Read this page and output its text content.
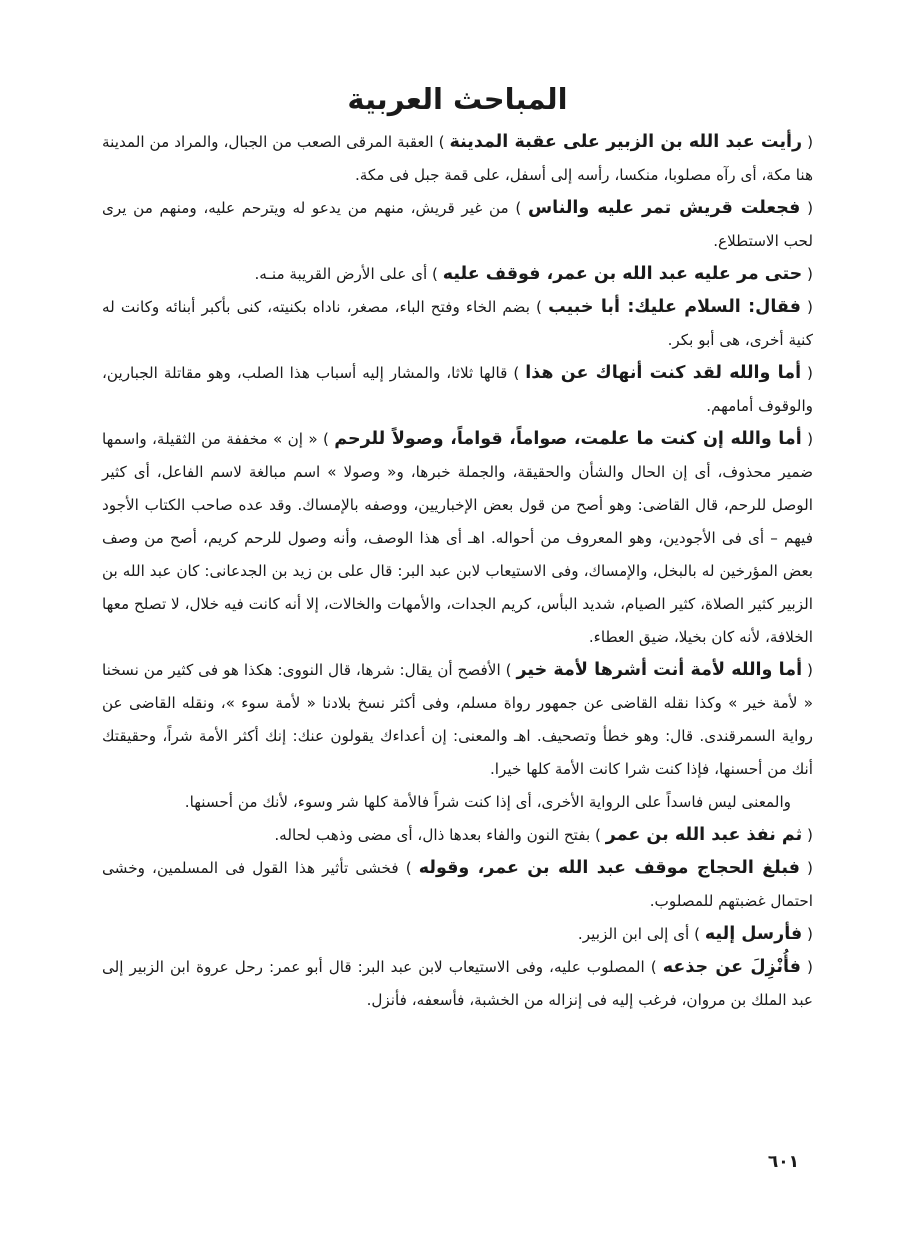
المباحث العربية

( رأيت عبد الله بن الزبير على عقبة المدينة ) العقبة المرقى الصعب من الجبال، والمراد من المدينة هنا مكة، أى رآه مصلوبا، منكسا، رأسه إلى أسفل، على قمة جبل فى مكة.

( فجعلت قريش تمر عليه والناس ) من غير قريش، منهم من يدعو له ويترحم عليه، ومنهم من يرى لحب الاستطلاع.

( حتى مر عليه عبد الله بن عمر، فوقف عليه ) أى على الأرض القريبة منـه.

( فقال: السلام عليك: أبا خبيب ) بضم الخاء وفتح الباء، مصغر، ناداه بكنيته، كنى بأكبر أبنائه وكانت له كنية أخرى، هى أبو بكر.

( أما والله لقد كنت أنهاك عن هذا ) قالها ثلاثا، والمشار إليه أسباب هذا الصلب، وهو مقاتلة الجبارين، والوقوف أمامهم.

( أما والله إن كنت ما علمت، صواماً، قواماً، وصولاً للرحم ) « إن » مخففة من الثقيلة، واسمها ضمير محذوف، أى إن الحال والشأن والحقيقة، والجملة خبرها، و« وصولا » اسم مبالغة لاسم الفاعل، أى كثير الوصل للرحم، قال القاضى: وهو أصح من قول بعض الإخباريين، ووصفه بالإمساك. وقد عده صاحب الكتاب الأجود فيهم – أى فى الأجودين، وهو المعروف من أحواله. اهـ أى هذا الوصف، وأنه وصول للرحم كريم، أصح من وصف بعض المؤرخين له بالبخل، والإمساك، وفى الاستيعاب لابن عبد البر: قال على بن زيد بن الجدعانى: كان عبد الله بن الزبير كثير الصلاة، كثير الصيام، شديد البأس، كريم الجدات، والأمهات والخالات، إلا أنه كانت فيه خلال، لا تصلح معها الخلافة، لأنه كان بخيلا، ضيق العطاء.

( أما والله لأمة أنت أشرها لأمة خير ) الأفصح أن يقال: شرها، قال النووى: هكذا هو فى كثير من نسخنا « لأمة خير » وكذا نقله القاضى عن جمهور رواة مسلم، وفى أكثر نسخ بلادنا « لأمة سوء »، ونقله القاضى عن رواية السمرقندى. قال: وهو خطأ وتصحيف. اهـ والمعنى: إن أعداءك يقولون عنك: إنك أكثر الأمة شراً، وحقيقتك أنك من أحسنها، فإذا كنت شرا كانت الأمة كلها خيرا.

والمعنى ليس فاسداً على الرواية الأخرى، أى إذا كنت شراً فالأمة كلها شر وسوء، لأنك من أحسنها.

( ثم نفذ عبد الله بن عمر ) بفتح النون والفاء بعدها ذال، أى مضى وذهب لحاله.

( فبلغ الحجاج موقف عبد الله بن عمر، وقوله ) فخشى تأثير هذا القول فى المسلمين، وخشى احتمال غضبتهم للمصلوب.

( فأرسل إليه ) أى إلى ابن الزبير.

( فأُنْزِلَ عن جذعه ) المصلوب عليه، وفى الاستيعاب لابن عبد البر: قال أبو عمر: رحل عروة ابن الزبير إلى عبد الملك بن مروان، فرغب إليه فى إنزاله من الخشبة، فأسعفه، فأنزل.

٦٠١
